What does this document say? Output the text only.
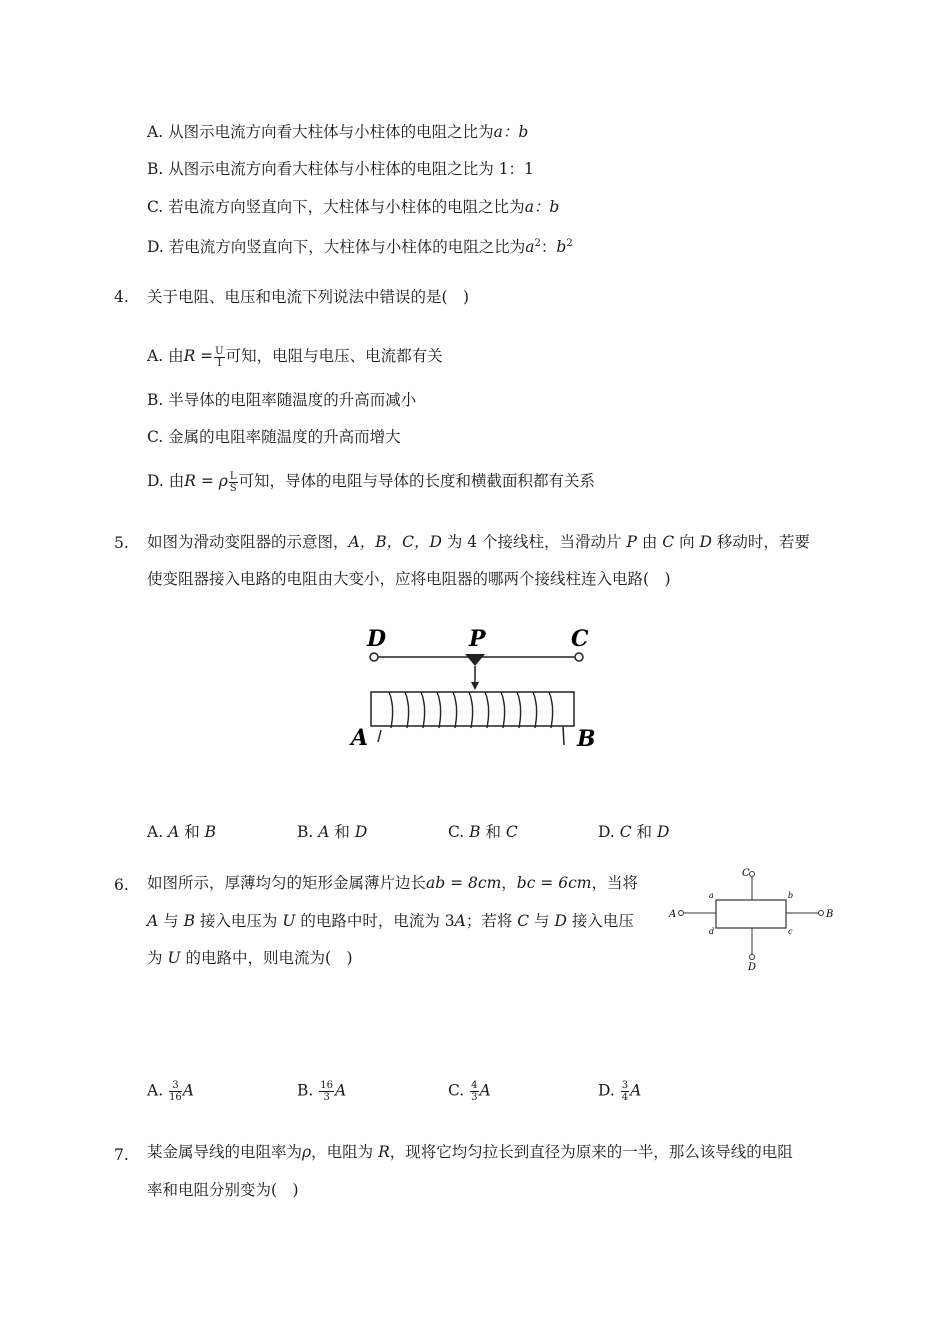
A. 从图示电流方向看大柱体与小柱体的电阻之比为a：b
B. 从图示电流方向看大柱体与小柱体的电阻之比为 1：1
C. 若电流方向竖直向下，大柱体与小柱体的电阻之比为a：b
D. 若电流方向竖直向下，大柱体与小柱体的电阻之比为$a^2$：$b^2$
4. 关于电阻、电压和电流下列说法中错误的是(　)
A. 由$R = \frac{U}{I}$ 可知，电阻与电压、电流都有关
B. 半导体的电阻率随温度的升高而减小
C. 金属的电阻率随温度的升高而增大
D. 由R = ρ $\frac{L}{S}$ 可知，导体的电阻与导体的长度和横截面积都有关系
5. 如图为滑动变阻器的示意图，A，B，C，D 为 4 个接线柱，当滑动片 P 由 C 向 D 移动时，若要
使变阻器接入电路的电阻由大变小，应将电阻器的哪两个接线柱连入电路(　)
D	P	C
A	B
A. A 和 B	B. A 和 D	C. B 和 C	D. C 和 D
6. 如图所示，厚薄均匀的矩形金属薄片边长ab = 8cm，bc = 6cm，当将
A 与 B 接入电压为 U 的电路中时，电流为 3A；若将 C 与 D 接入电压
为 U 的电路中，则电流为(　)
C
A
a	b
c
d
B
D
A. $\frac{3}{16}$ A	B. $\frac{16}{3}$ A	C. $\frac{4}{3}$ A	D. $\frac{3}{4}$ A
7. 某金属导线的电阻率为ρ，电阻为 R，现将它均匀拉长到直径为原来的一半，那么该导线的电阻
率和电阻分别变为(　)
